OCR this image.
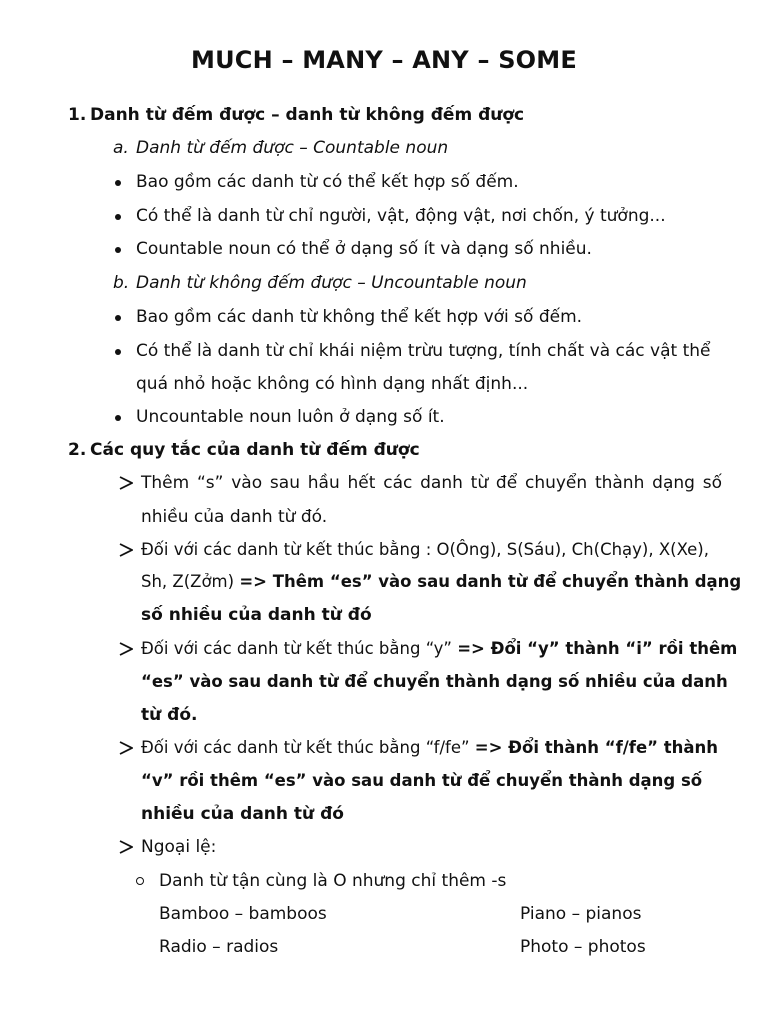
MUCH – MANY – ANY – SOME
1. Danh từ đếm được – danh từ không đếm được
a. Danh từ đếm được – Countable noun
Bao gồm các danh từ có thể kết hợp số đếm.
Có thể là danh từ chỉ người, vật, động vật, nơi chốn, ý tưởng...
Countable noun có thể ở dạng số ít và dạng số nhiều.
b. Danh từ không đếm được – Uncountable noun
Bao gồm các danh từ không thể kết hợp với số đếm.
Có thể là danh từ chỉ khái niệm trừu tượng, tính chất và các vật thể
quá nhỏ hoặc không có hình dạng nhất định...
Uncountable noun luôn ở dạng số ít.
2. Các quy tắc của danh từ đếm được
Thêm “s” vào sau hầu hết các danh từ để chuyển thành dạng số
nhiều của danh từ đó.
Đối với các danh từ kết thúc bằng : O(Ông), S(Sáu), Ch(Chạy), X(Xe),
Sh, Z(Zởm) => Thêm “es” vào sau danh từ để chuyển thành dạng
số nhiều của danh từ đó
Đối với các danh từ kết thúc bằng “y” => Đổi “y” thành “i” rồi thêm
“es” vào sau danh từ để chuyển thành dạng số nhiều của danh
từ đó.
Đối với các danh từ kết thúc bằng “f/fe” => Đổi thành “f/fe” thành
“v” rồi thêm “es” vào sau danh từ để chuyển thành dạng số
nhiều của danh từ đó
Ngoại lệ:
Danh từ tận cùng là O nhưng chỉ thêm -s
Bamboo – bamboos	Piano – pianos
Radio – radios	Photo – photos
